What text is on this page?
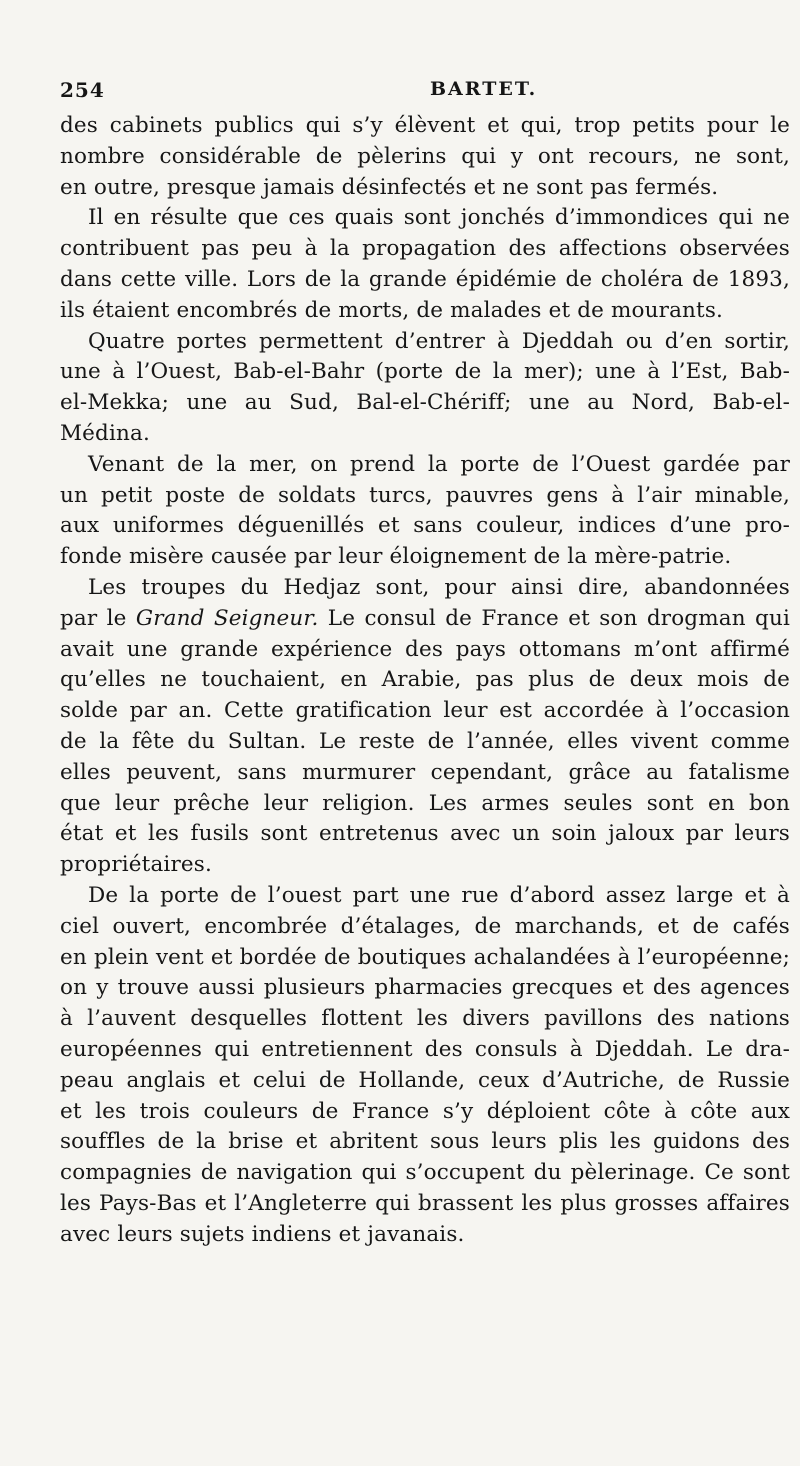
254	BARTET.
des cabinets publics qui s’y élèvent et qui, trop petits pour le
nombre considérable de pèlerins qui y ont recours, ne sont,
en outre, presque jamais désinfectés et ne sont pas fermés.
Il en résulte que ces quais sont jonchés d’immondices qui ne
contribuent pas peu à la propagation des affections observées
dans cette ville. Lors de la grande épidémie de choléra de 1893,
ils étaient encombrés de morts, de malades et de mourants.
Quatre portes permettent d’entrer à Djeddah ou d’en sortir,
une à l’Ouest, Bab-el-Bahr (porte de la mer); une à l’Est, Bab-
el-Mekka; une au Sud, Bal-el-Chériff; une au Nord, Bab-el-
Médina.
Venant de la mer, on prend la porte de l’Ouest gardée par
un petit poste de soldats turcs, pauvres gens à l’air minable,
aux uniformes déguenillés et sans couleur, indices d’une pro-
fonde misère causée par leur éloignement de la mère-patrie.
Les troupes du Hedjaz sont, pour ainsi dire, abandonnées
par le Grand Seigneur. Le consul de France et son drogman qui
avait une grande expérience des pays ottomans m’ont affirmé
qu’elles ne touchaient, en Arabie, pas plus de deux mois de
solde par an. Cette gratification leur est accordée à l’occasion
de la fête du Sultan. Le reste de l’année, elles vivent comme
elles peuvent, sans murmurer cependant, grâce au fatalisme
que leur prêche leur religion. Les armes seules sont en bon
état et les fusils sont entretenus avec un soin jaloux par leurs
propriétaires.
De la porte de l’ouest part une rue d’abord assez large et à
ciel ouvert, encombrée d’étalages, de marchands, et de cafés
en plein vent et bordée de boutiques achalandées à l’européenne;
on y trouve aussi plusieurs pharmacies grecques et des agences
à l’auvent desquelles flottent les divers pavillons des nations
européennes qui entretiennent des consuls à Djeddah. Le dra-
peau anglais et celui de Hollande, ceux d’Autriche, de Russie
et les trois couleurs de France s’y déploient côte à côte aux
souffles de la brise et abritent sous leurs plis les guidons des
compagnies de navigation qui s’occupent du pèlerinage. Ce sont
les Pays-Bas et l’Angleterre qui brassent les plus grosses affaires
avec leurs sujets indiens et javanais.
